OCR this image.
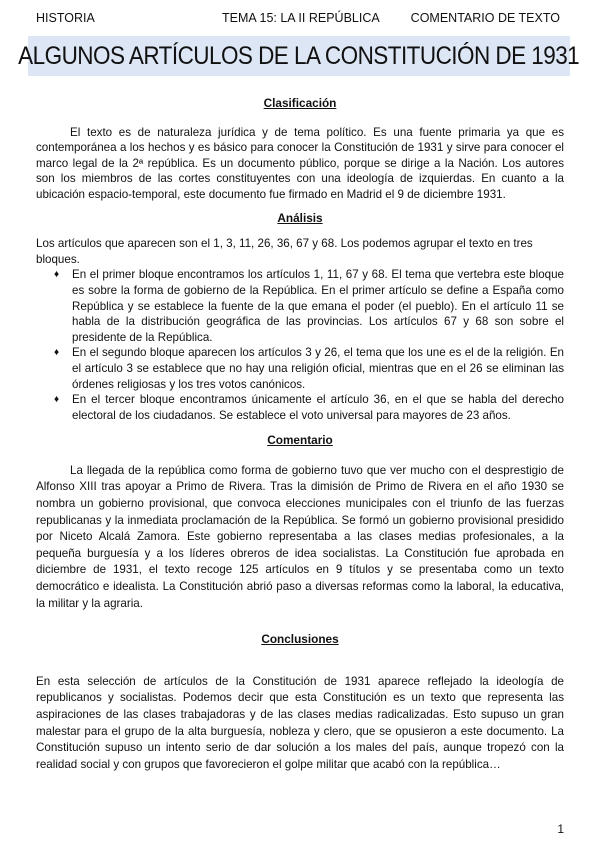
HISTORIA	TEMA 15: LA II REPÚBLICA COMENTARIO DE TEXTO
ALGUNOS ARTÍCULOS DE LA CONSTITUCIÓN DE 1931

Clasificación

El texto es de naturaleza jurídica y de tema político. Es una fuente primaria ya que es contemporánea a los hechos y es básico para conocer la Constitución de 1931 y sirve para conocer el marco legal de la 2ª república. Es un documento público, porque se dirige a la Nación. Los autores son los miembros de las cortes constituyentes con una ideología de izquierdas. En cuanto a la ubicación espacio-temporal, este documento fue firmado en Madrid el 9 de diciembre 1931.

Análisis

Los artículos que aparecen son el 1, 3, 11, 26, 36, 67 y 68. Los podemos agrupar el texto en tres bloques.

♦ En el primer bloque encontramos los artículos 1, 11, 67 y 68. El tema que vertebra este bloque es sobre la forma de gobierno de la República. En el primer artículo se define a España como República y se establece la fuente de la que emana el poder (el pueblo). En el artículo 11 se habla de la distribución geográfica de las provincias. Los artículos 67 y 68 son sobre el presidente de la República.
♦ En el segundo bloque aparecen los artículos 3 y 26, el tema que los une es el de la religión. En el artículo 3 se establece que no hay una religión oficial, mientras que en el 26 se eliminan las órdenes religiosas y los tres votos canónicos.
♦ En el tercer bloque encontramos únicamente el artículo 36, en el que se habla del derecho electoral de los ciudadanos. Se establece el voto universal para mayores de 23 años.

Comentario

La llegada de la república como forma de gobierno tuvo que ver mucho con el desprestigio de Alfonso XIII tras apoyar a Primo de Rivera. Tras la dimisión de Primo de Rivera en el año 1930 se nombra un gobierno provisional, que convoca elecciones municipales con el triunfo de las fuerzas republicanas y la inmediata proclamación de la República. Se formó un gobierno provisional presidido por Niceto Alcalá Zamora. Este gobierno representaba a las clases medias profesionales, a la pequeña burguesía y a los líderes obreros de idea socialistas. La Constitución fue aprobada en diciembre de 1931, el texto recoge 125 artículos en 9 títulos y se presentaba como un texto democrático e idealista. La Constitución abrió paso a diversas reformas como la laboral, la educativa, la militar y la agraria.

Conclusiones

En esta selección de artículos de la Constitución de 1931 aparece reflejado la ideología de republicanos y socialistas. Podemos decir que esta Constitución es un texto que representa las aspiraciones de las clases trabajadoras y de las clases medias radicalizadas. Esto supuso un gran malestar para el grupo de la alta burguesía, nobleza y clero, que se opusieron a este documento. La Constitución supuso un intento serio de dar solución a los males del país, aunque tropezó con la realidad social y con grupos que favorecieron el golpe militar que acabó con la república…

1
